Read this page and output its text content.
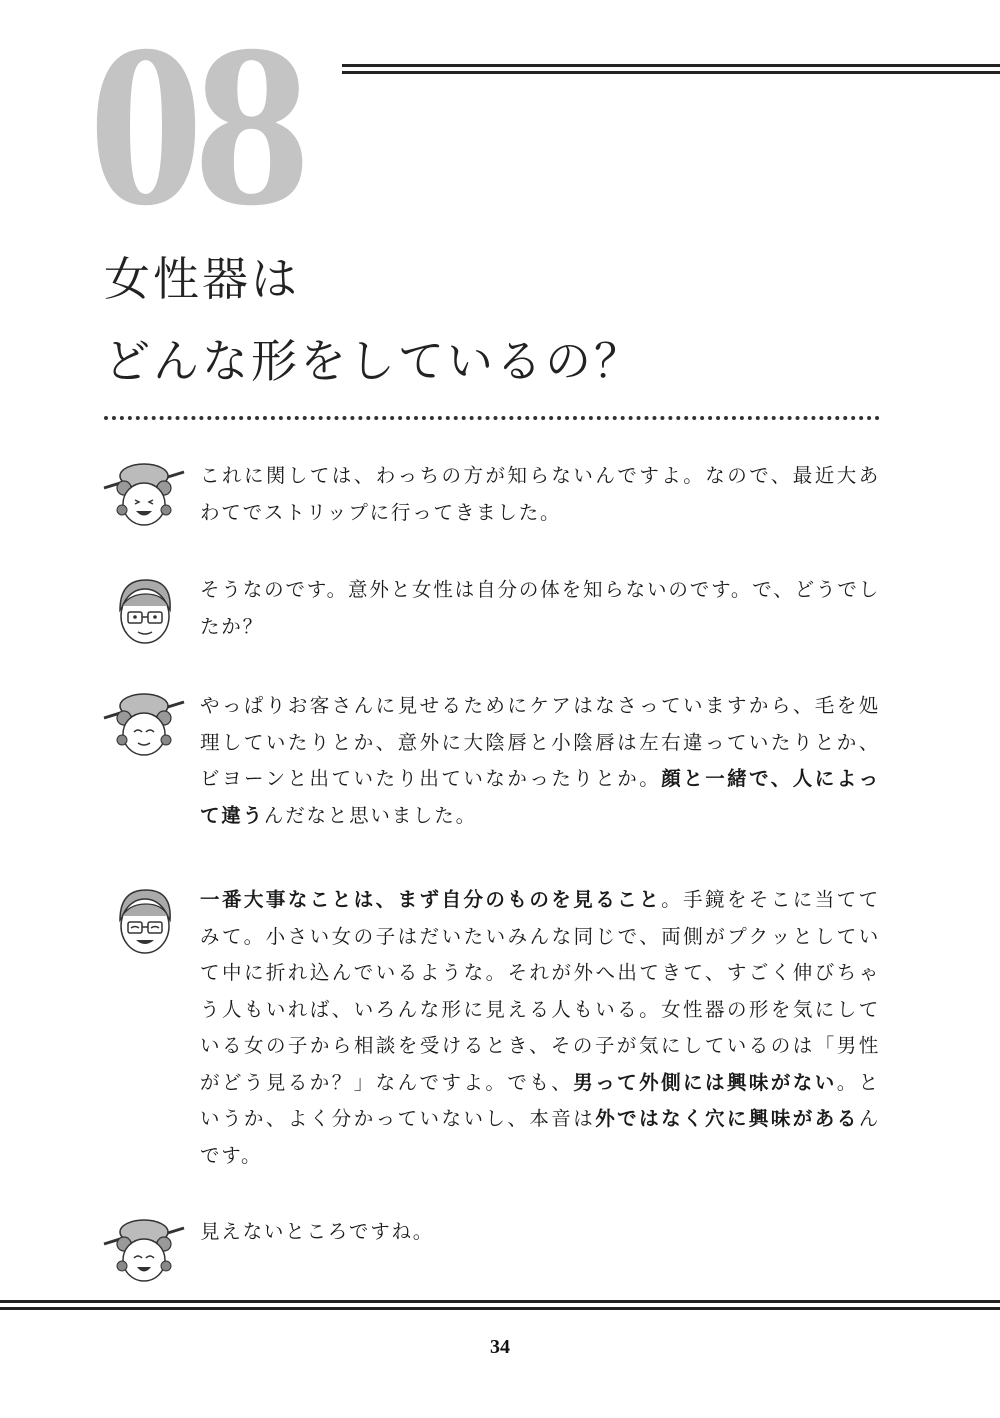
08
女性器は
どんな形をしているの？
これに関しては、わっちの方が知らないんですよ。なので、最近大あわてでストリップに行ってきました。
そうなのです。意外と女性は自分の体を知らないのです。で、どうでしたか？
やっぱりお客さんに見せるためにケアはなさっていますから、毛を処理していたりとか、意外に大陰唇と小陰唇は左右違っていたりとか、ビヨーンと出ていたり出ていなかったりとか。顔と一緒で、人によって違うんだなと思いました。
一番大事なことは、まず自分のものを見ること。手鏡をそこに当ててみて。小さい女の子はだいたいみんな同じで、両側がプクッとしていて中に折れ込んでいるような。それが外へ出てきて、すごく伸びちゃう人もいれば、いろんな形に見える人もいる。女性器の形を気にしている女の子から相談を受けるとき、その子が気にしているのは「男性がどう見るか？」なんですよ。でも、男って外側には興味がない。というか、よく分かっていないし、本音は外ではなく穴に興味があるんです。
見えないところですね。
34
